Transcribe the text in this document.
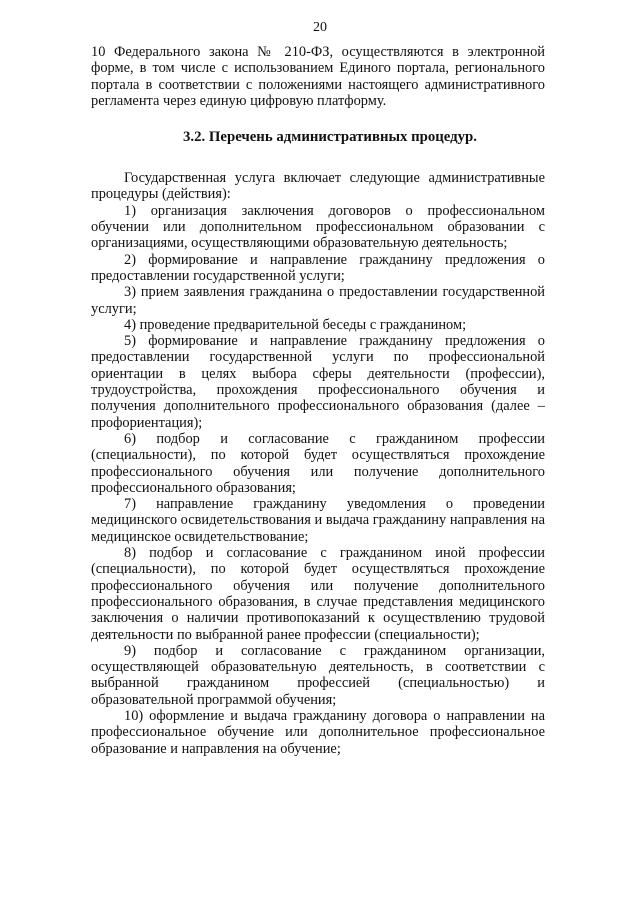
20

10 Федерального закона № 210-ФЗ, осуществляются в электронной форме, в том числе с использованием Единого портала, регионального портала в соответствии с положениями настоящего административного регламента через единую цифровую платформу.

3.2. Перечень административных процедур.

Государственная услуга включает следующие административные процедуры (действия):

1) организация заключения договоров о профессиональном обучении или дополнительном профессиональном образовании с организациями, осуществляющими образовательную деятельность;

2) формирование и направление гражданину предложения о предоставлении государственной услуги;

3) прием заявления гражданина о предоставлении государственной услуги;

4) проведение предварительной беседы с гражданином;

5) формирование и направление гражданину предложения о предоставлении государственной услуги по профессиональной ориентации в целях выбора сферы деятельности (профессии), трудоустройства, прохождения профессионального обучения и получения дополнительного профессионального образования (далее – профориентация);

6) подбор и согласование с гражданином профессии (специальности), по которой будет осуществляться прохождение профессионального обучения или получение дополнительного профессионального образования;

7) направление гражданину уведомления о проведении медицинского освидетельствования и выдача гражданину направления на медицинское освидетельствование;

8) подбор и согласование с гражданином иной профессии (специальности), по которой будет осуществляться прохождение профессионального обучения или получение дополнительного профессионального образования, в случае представления медицинского заключения о наличии противопоказаний к осуществлению трудовой деятельности по выбранной ранее профессии (специальности);

9) подбор и согласование с гражданином организации, осуществляющей образовательную деятельность, в соответствии с выбранной гражданином профессией (специальностью) и образовательной программой обучения;

10) оформление и выдача гражданину договора о направлении на профессиональное обучение или дополнительное профессиональное образование и направления на обучение;
